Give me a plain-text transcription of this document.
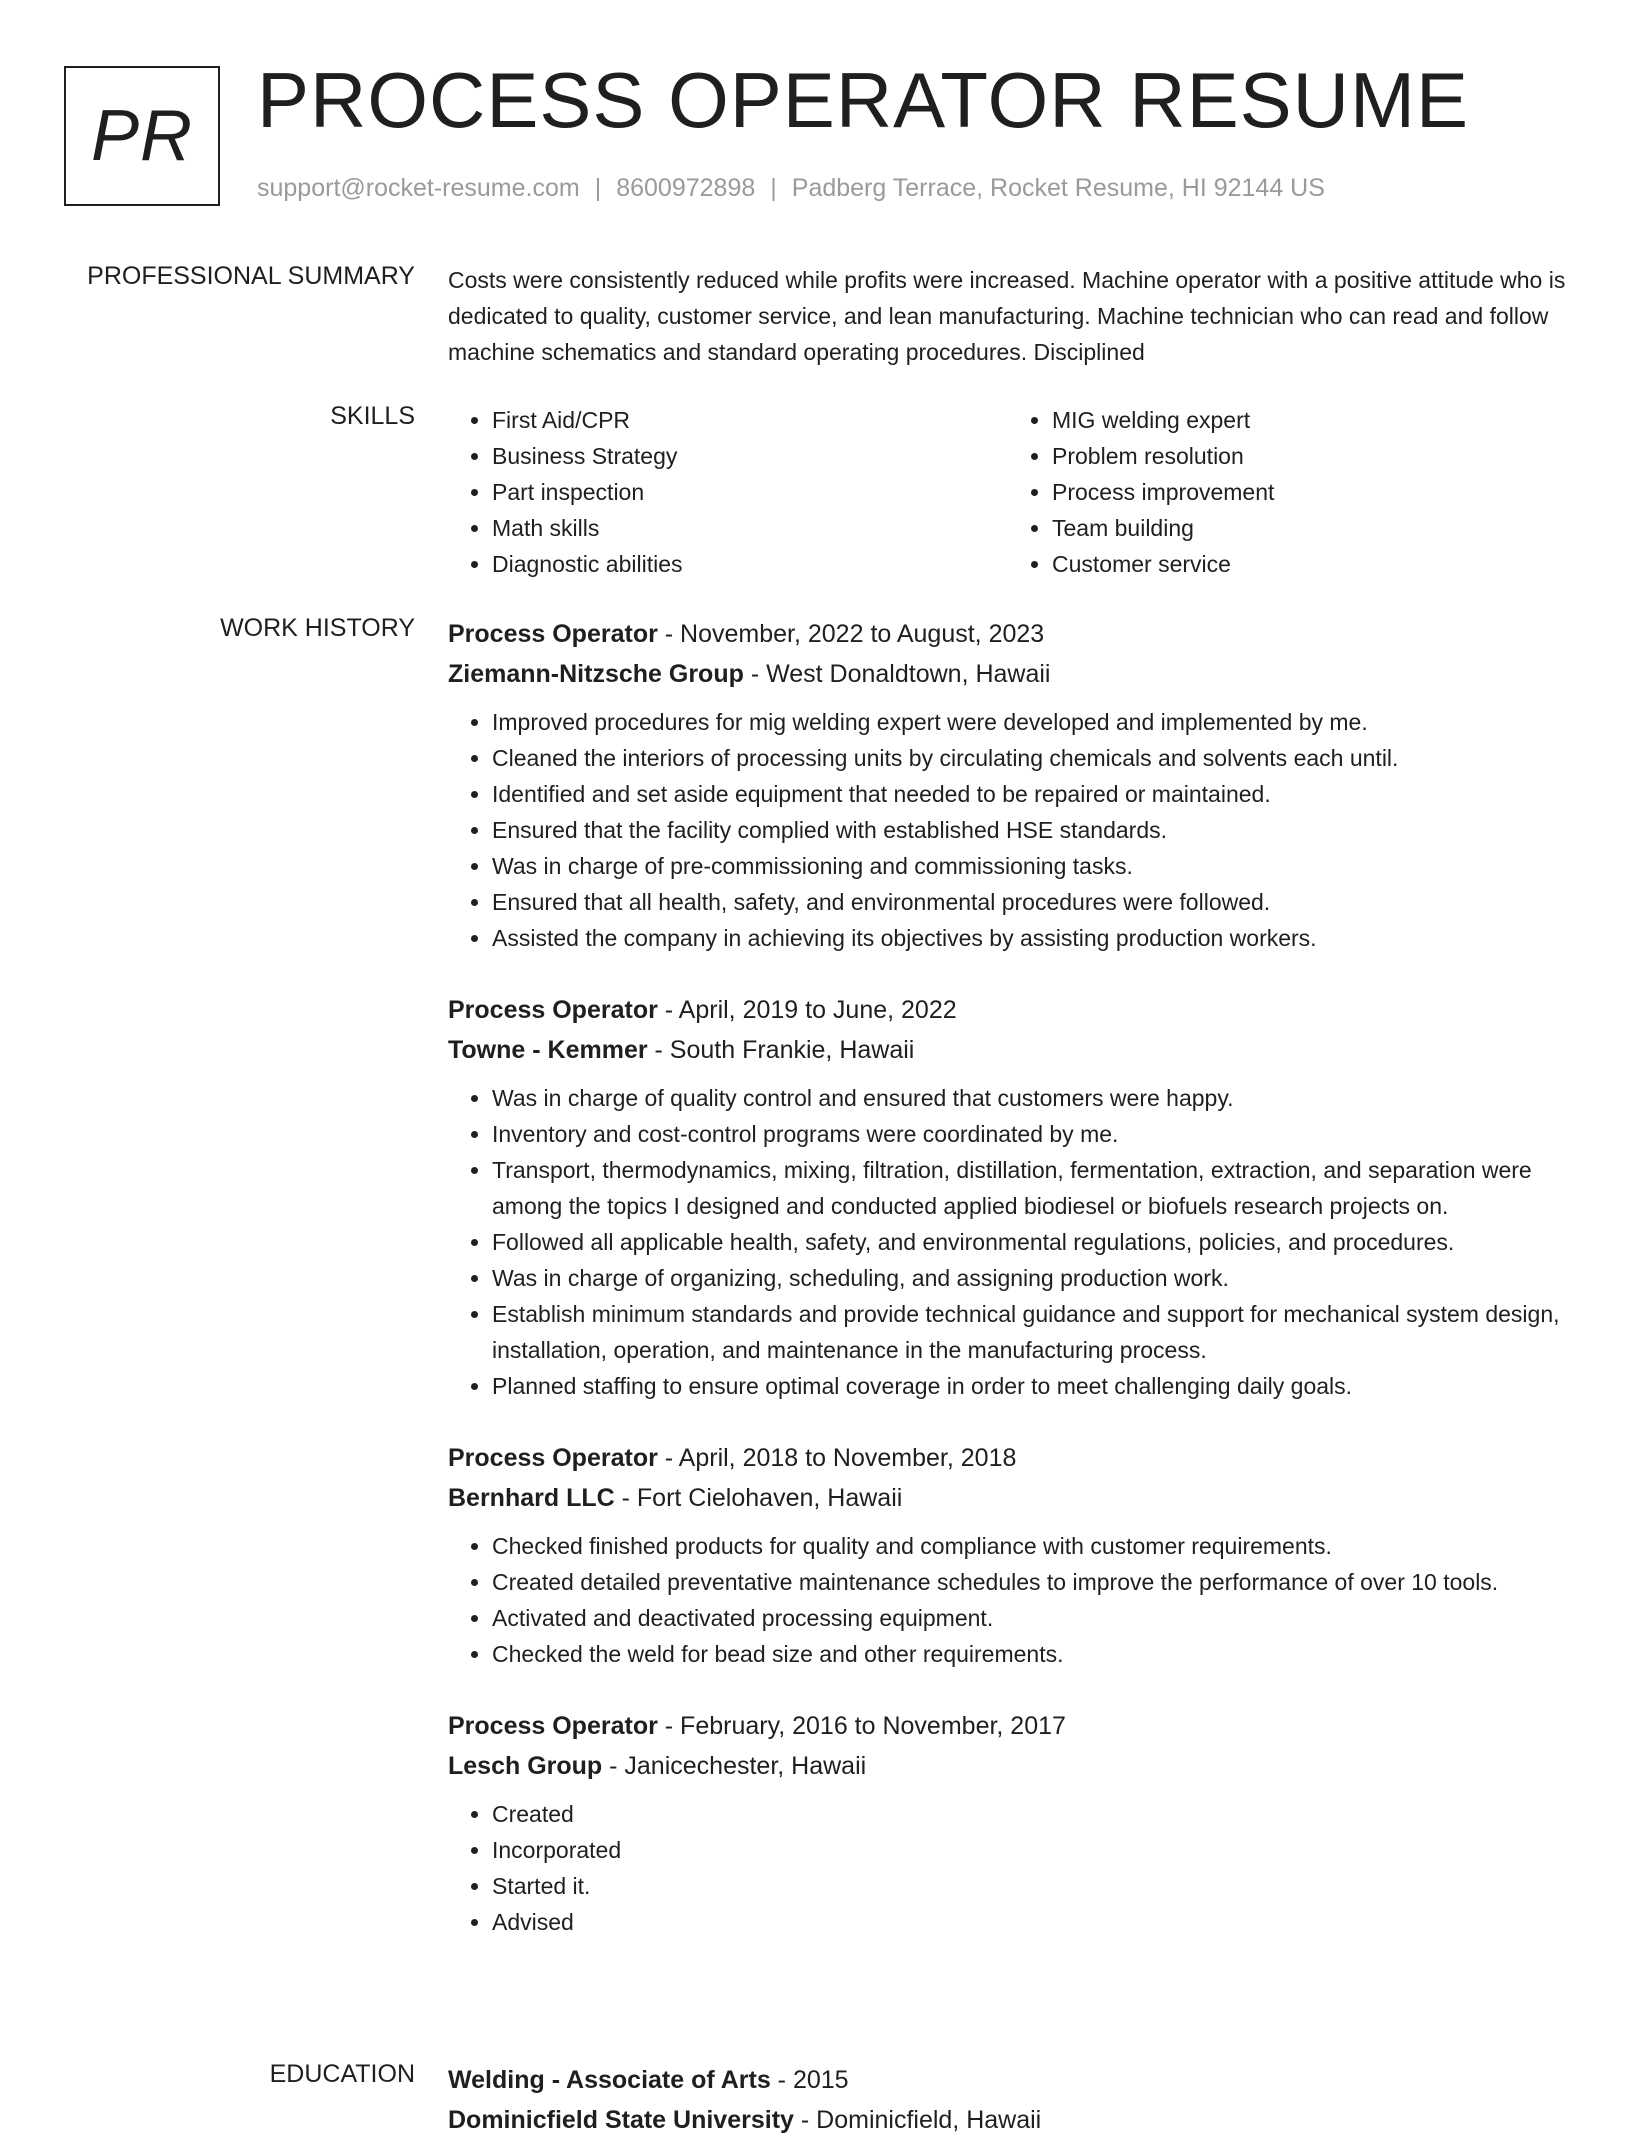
PR PROCESS OPERATOR RESUME
support@rocket-resume.com | 8600972898 | Padberg Terrace, Rocket Resume, HI 92144 US
PROFESSIONAL SUMMARY Costs were consistently reduced while profits were increased. Machine operator with a positive attitude who is dedicated to quality, customer service, and lean manufacturing. Machine technician who can read and follow machine schematics and standard operating procedures. Disciplined

SKILLS
•	First Aid/CPR
• Business Strategy
• Part inspection
• Math skills
• Diagnostic abilities
• MIG welding expert
• Problem resolution
• Process improvement
• Team building
• Customer service
WORK HISTORY Process Operator - November, 2022 to August, 2023
Ziemann-Nitzsche Group - West Donaldtown, Hawaii
• Improved procedures for mig welding expert were developed and implemented by me.
• Cleaned the interiors of processing units by circulating chemicals and solvents each until.
• Identified and set aside equipment that needed to be repaired or maintained.
• Ensured that the facility complied with established HSE standards.
• Was in charge of pre-commissioning and commissioning tasks.
• Ensured that all health, safety, and environmental procedures were followed.
• Assisted the company in achieving its objectives by assisting production workers.
Process Operator - April, 2019 to June, 2022
Towne - Kemmer - South Frankie, Hawaii
• Was in charge of quality control and ensured that customers were happy.
• Inventory and cost-control programs were coordinated by me.
• Transport, thermodynamics, mixing, filtration, distillation, fermentation, extraction, and separation were among the topics I designed and conducted applied biodiesel or biofuels research projects on.
• Followed all applicable health, safety, and environmental regulations, policies, and procedures.
• Was in charge of organizing, scheduling, and assigning production work.
• Establish minimum standards and provide technical guidance and support for mechanical system design, installation, operation, and maintenance in the manufacturing process.
• Planned staffing to ensure optimal coverage in order to meet challenging daily goals.
Process Operator - April, 2018 to November, 2018
Bernhard LLC - Fort Cielohaven, Hawaii
• Checked finished products for quality and compliance with customer requirements.
• Created detailed preventative maintenance schedules to improve the performance of over 10 tools.
• Activated and deactivated processing equipment.
• Checked the weld for bead size and other requirements.
Process Operator - February, 2016 to November, 2017
Lesch Group - Janicechester, Hawaii
• Created
• Incorporated
• Started it.
• Advised
EDUCATION Welding - Associate of Arts - 2015
Dominicfield State University - Dominicfield, Hawaii
